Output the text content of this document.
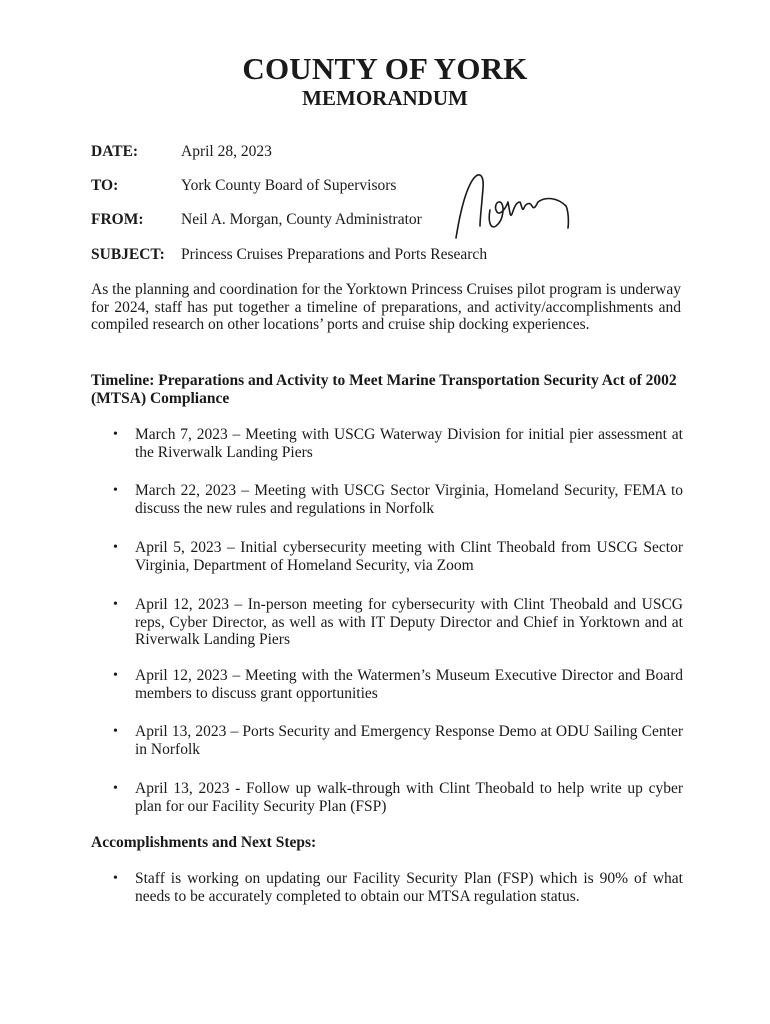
COUNTY OF YORK
MEMORANDUM
DATE:	April 28, 2023
TO:	York County Board of Supervisors
FROM: Neil A. Morgan, County Administrator
SUBJECT: Princess Cruises Preparations and Ports Research
As the planning and coordination for the Yorktown Princess Cruises pilot program is underway for 2024, staff has put together a timeline of preparations, and activity/accomplishments and compiled research on other locations’ ports and cruise ship docking experiences.
Timeline: Preparations and Activity to Meet Marine Transportation Security Act of 2002 (MTSA) Compliance
• March 7, 2023 – Meeting with USCG Waterway Division for initial pier assessment at the Riverwalk Landing Piers
• March 22, 2023 – Meeting with USCG Sector Virginia, Homeland Security, FEMA to discuss the new rules and regulations in Norfolk
• April 5, 2023 – Initial cybersecurity meeting with Clint Theobald from USCG Sector Virginia, Department of Homeland Security, via Zoom
• April 12, 2023 – In-person meeting for cybersecurity with Clint Theobald and USCG reps, Cyber Director, as well as with IT Deputy Director and Chief in Yorktown and at Riverwalk Landing Piers
• April 12, 2023 – Meeting with the Watermen’s Museum Executive Director and Board members to discuss grant opportunities
• April 13, 2023 – Ports Security and Emergency Response Demo at ODU Sailing Center in Norfolk
• April 13, 2023 - Follow up walk-through with Clint Theobald to help write up cyber plan for our Facility Security Plan (FSP)
Accomplishments and Next Steps:
• Staff is working on updating our Facility Security Plan (FSP) which is 90% of what needs to be accurately completed to obtain our MTSA regulation status.
